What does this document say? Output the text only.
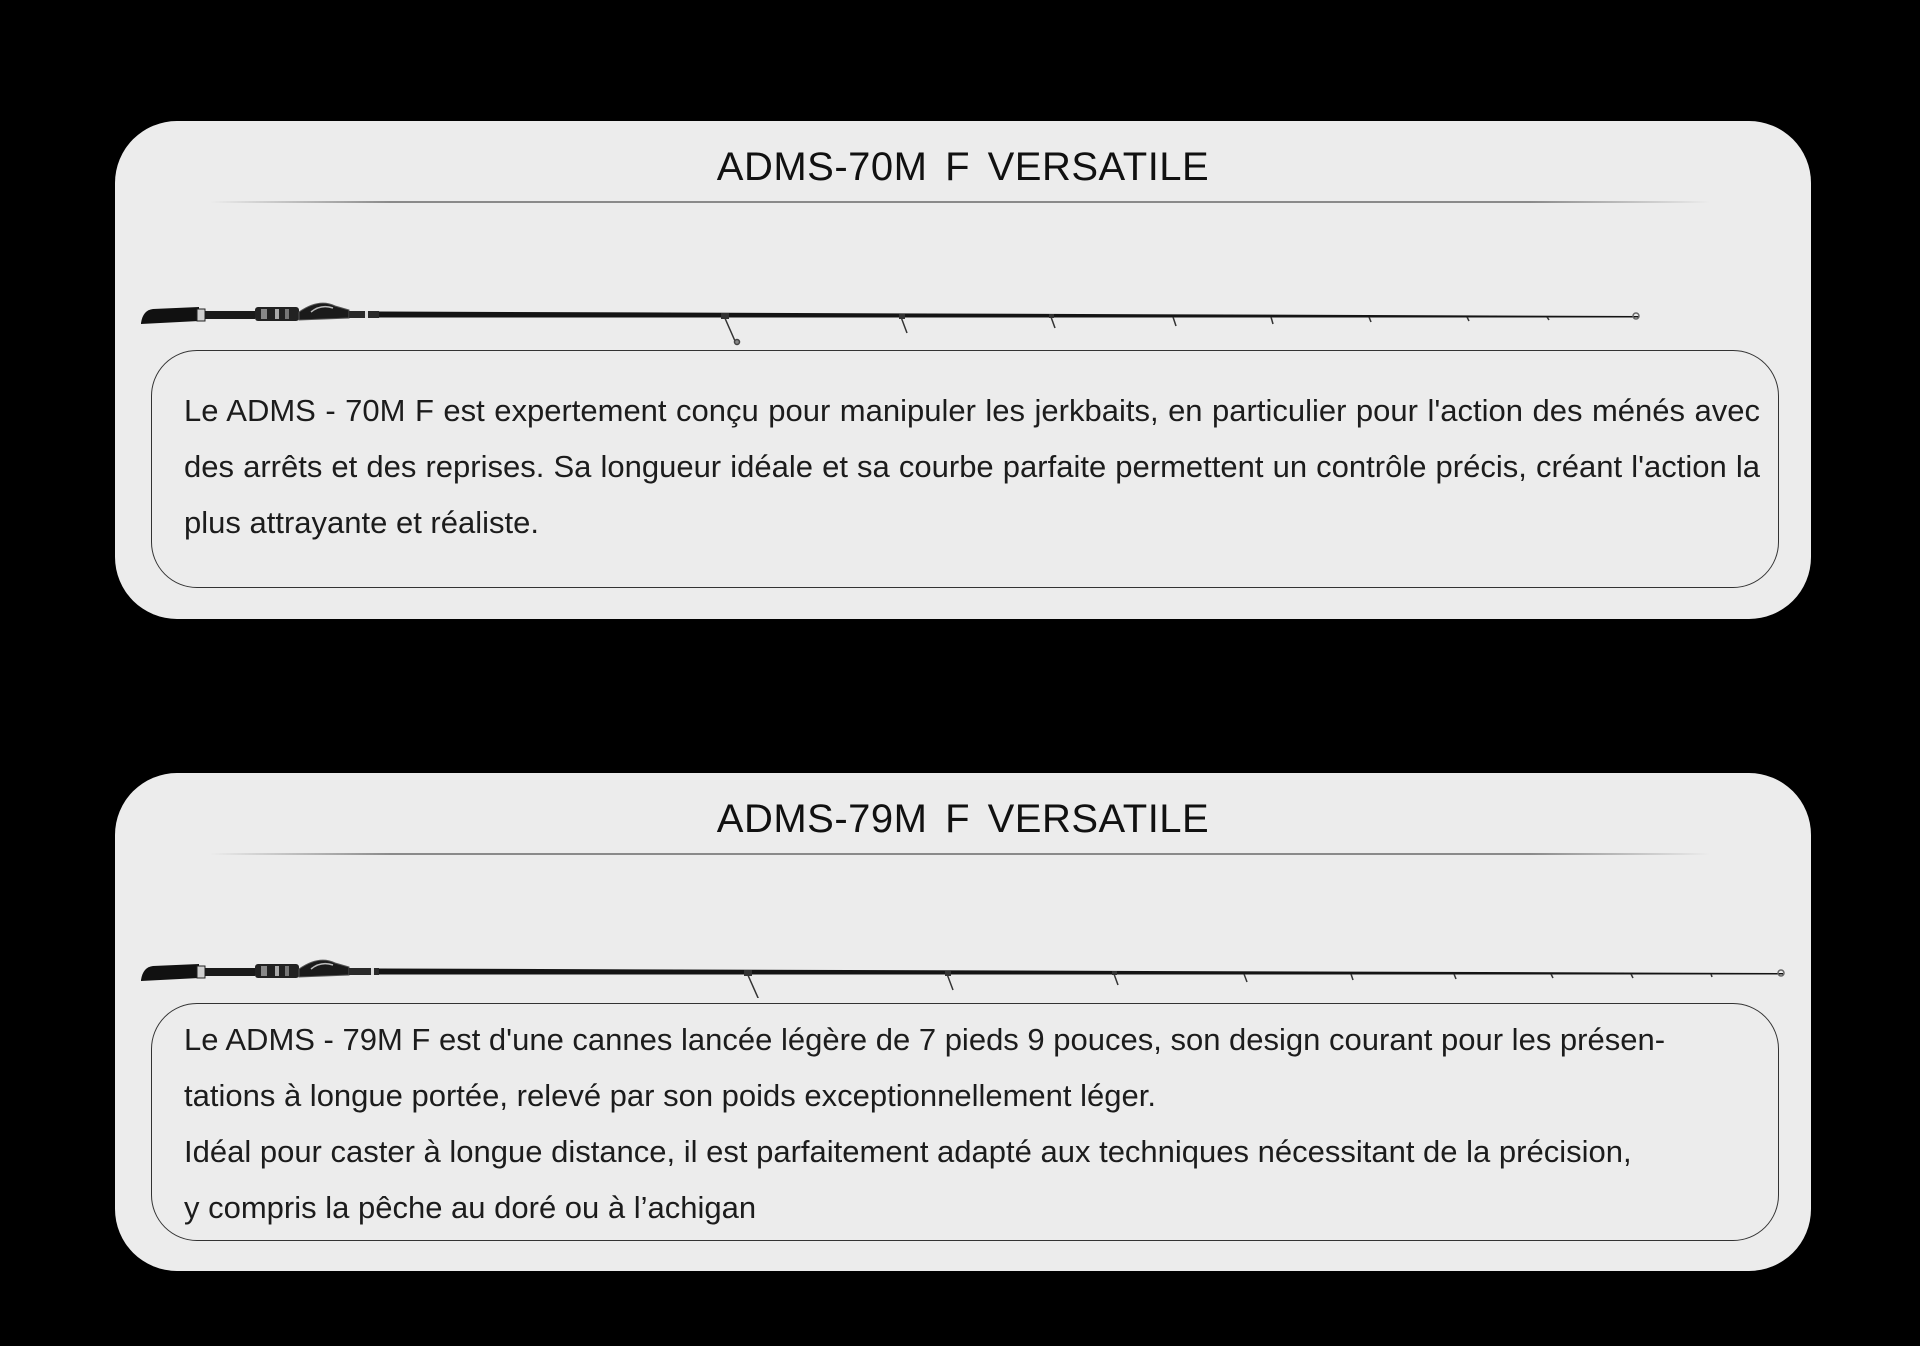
ADMS-70M F VERSATILE

Le ADMS - 70M F est expertement conçu pour manipuler les jerkbaits, en particulier pour l'action des ménés avec des arrêts et des reprises. Sa longueur idéale et sa courbe parfaite permettent un contrôle précis, créant l'action la plus attrayante et réaliste.

ADMS-79M F VERSATILE

Le ADMS - 79M F est d'une cannes lancée légère de 7 pieds 9 pouces, son design courant pour les présen-
tations à longue portée, relevé par son poids exceptionnellement léger.
Idéal pour caster à longue distance, il est parfaitement adapté aux techniques nécessitant de la précision,
y compris la pêche au doré ou à l’achigan
